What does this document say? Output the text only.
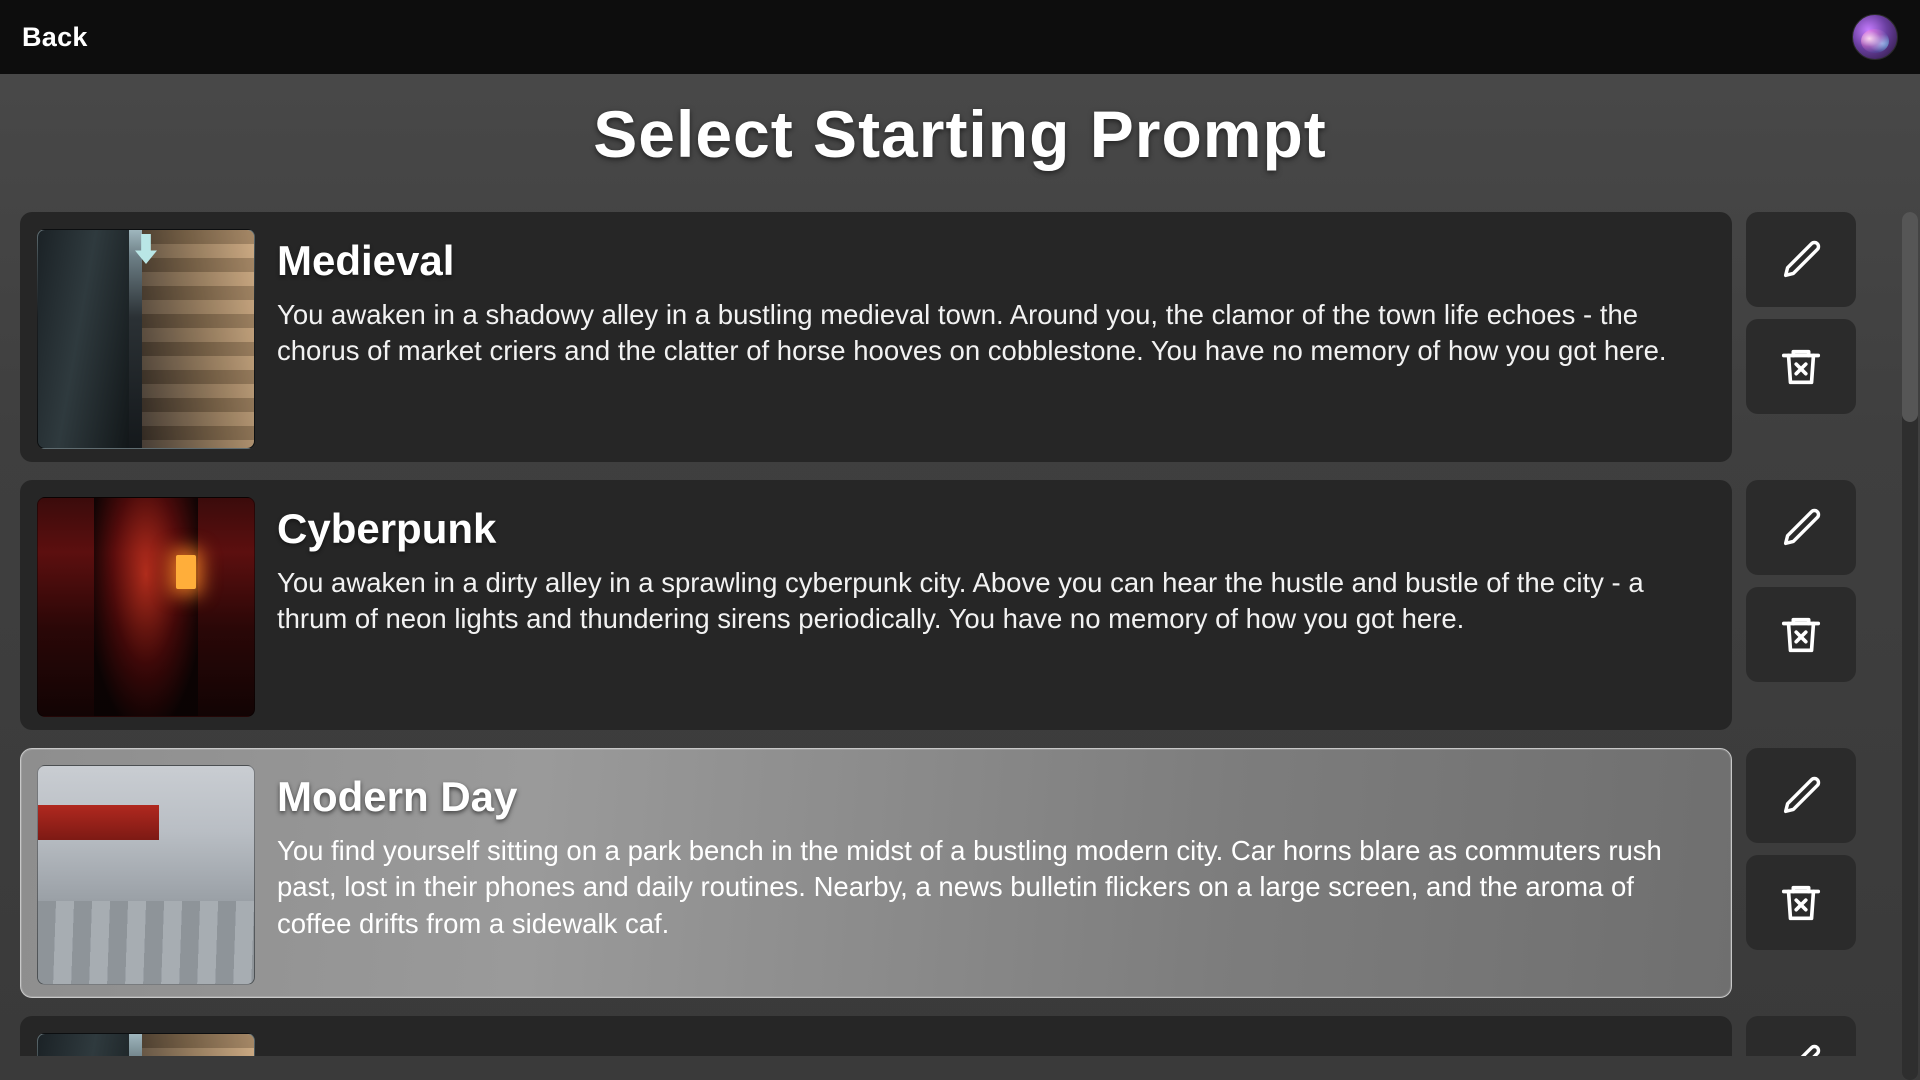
Back
Select Starting Prompt
Medieval
You awaken in a shadowy alley in a bustling medieval town. Around you, the clamor of the town life echoes - the chorus of market criers and the clatter of horse hooves on cobblestone. You have no memory of how you got here.
Cyberpunk
You awaken in a dirty alley in a sprawling cyberpunk city. Above you can hear the hustle and bustle of the city - a thrum of neon lights and thundering sirens periodically. You have no memory of how you got here.
Modern Day
You find yourself sitting on a park bench in the midst of a bustling modern city. Car horns blare as commuters rush past, lost in their phones and daily routines. Nearby, a news bulletin flickers on a large screen, and the aroma of coffee drifts from a sidewalk caf.
